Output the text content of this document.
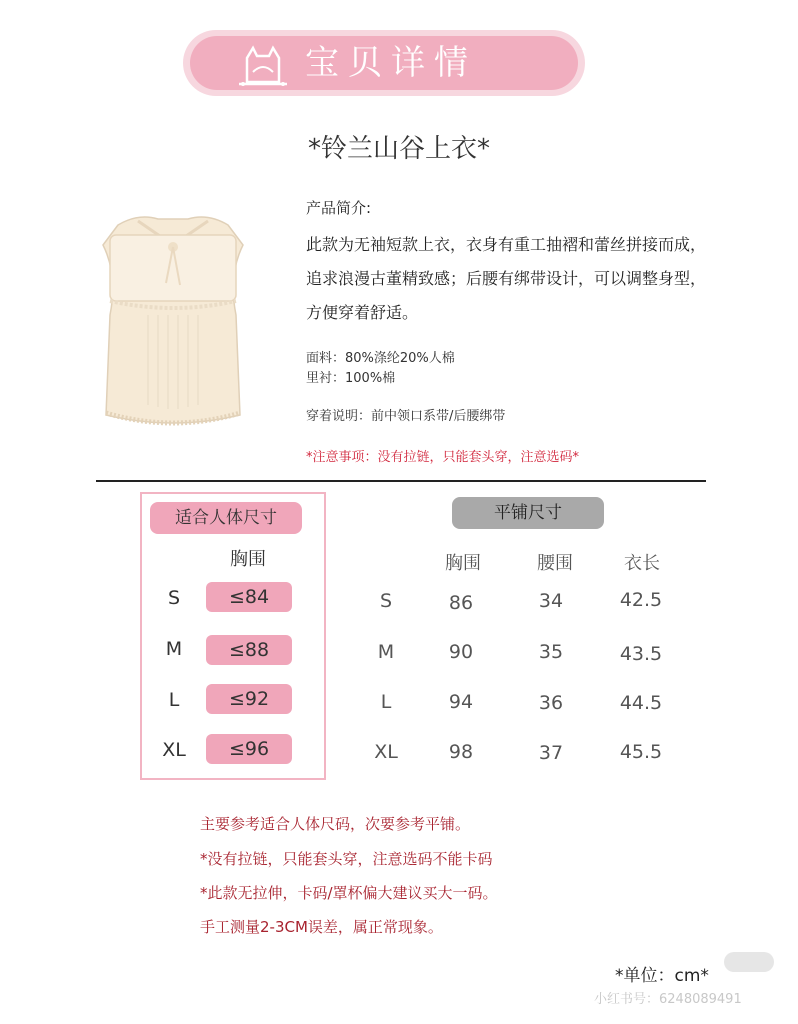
宝贝详情
*铃兰山谷上衣*
产品简介:
此款为无袖短款上衣，衣身有重工抽褶和蕾丝拼接而成，
追求浪漫古董精致感；后腰有绑带设计，可以调整身型，
方便穿着舒适。
面料：80%涤纶20%人棉
里衬：100%棉
穿着说明：前中领口系带/后腰绑带
*注意事项：没有拉链，只能套头穿，注意选码*
适合人体尺寸
胸围
S	≤84
M	≤88
L	≤92
XL	≤96
平铺尺寸
胸围	腰围	衣长
S	86	34	42.5
M	90	35	43.5
L	94	36	44.5
XL	98	37	45.5
主要参考适合人体尺码，次要参考平铺。
*没有拉链，只能套头穿，注意选码不能卡码
*此款无拉伸，卡码/罩杯偏大建议买大一码。
手工测量2-3CM误差，属正常现象。
*单位：cm*
小红书号：6248089491
